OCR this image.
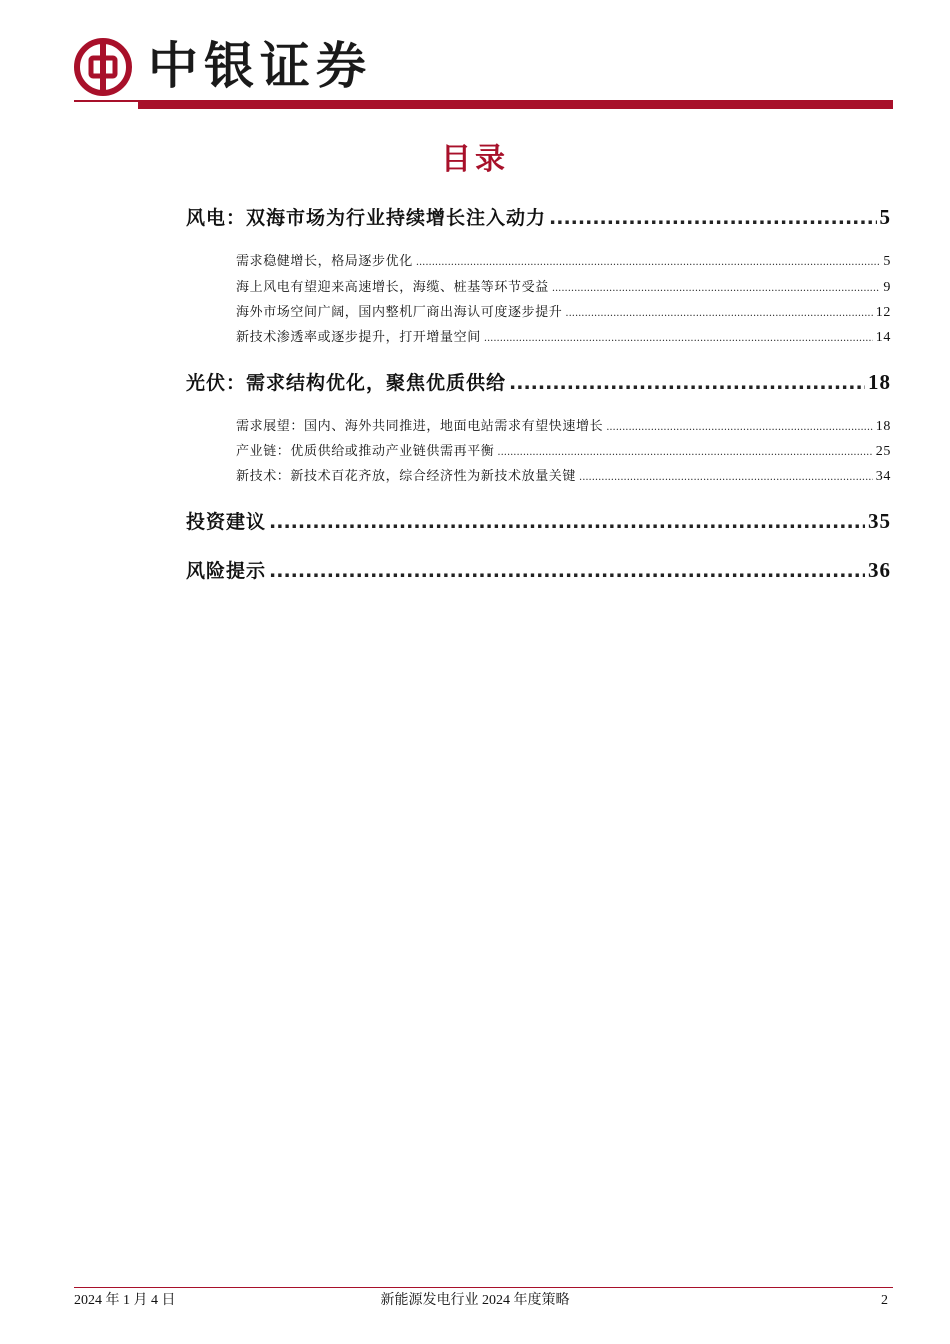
中银证券
目录
风电：双海市场为行业持续增长注入动力 .....	5
需求稳健增长，格局逐步优化 .....	5
海上风电有望迎来高速增长，海缆、桩基等环节受益 .....	9
海外市场空间广阔，国内整机厂商出海认可度逐步提升 .....	12
新技术渗透率或逐步提升，打开增量空间 .....	14
光伏：需求结构优化，聚焦优质供给 .....	18
需求展望：国内、海外共同推进，地面电站需求有望快速增长 .....	18
产业链：优质供给或推动产业链供需再平衡 .....	25
新技术：新技术百花齐放，综合经济性为新技术放量关键 .....	34
投资建议 .....	35
风险提示 .....	36
2024 年 1 月 4 日	新能源发电行业 2024 年度策略	2
